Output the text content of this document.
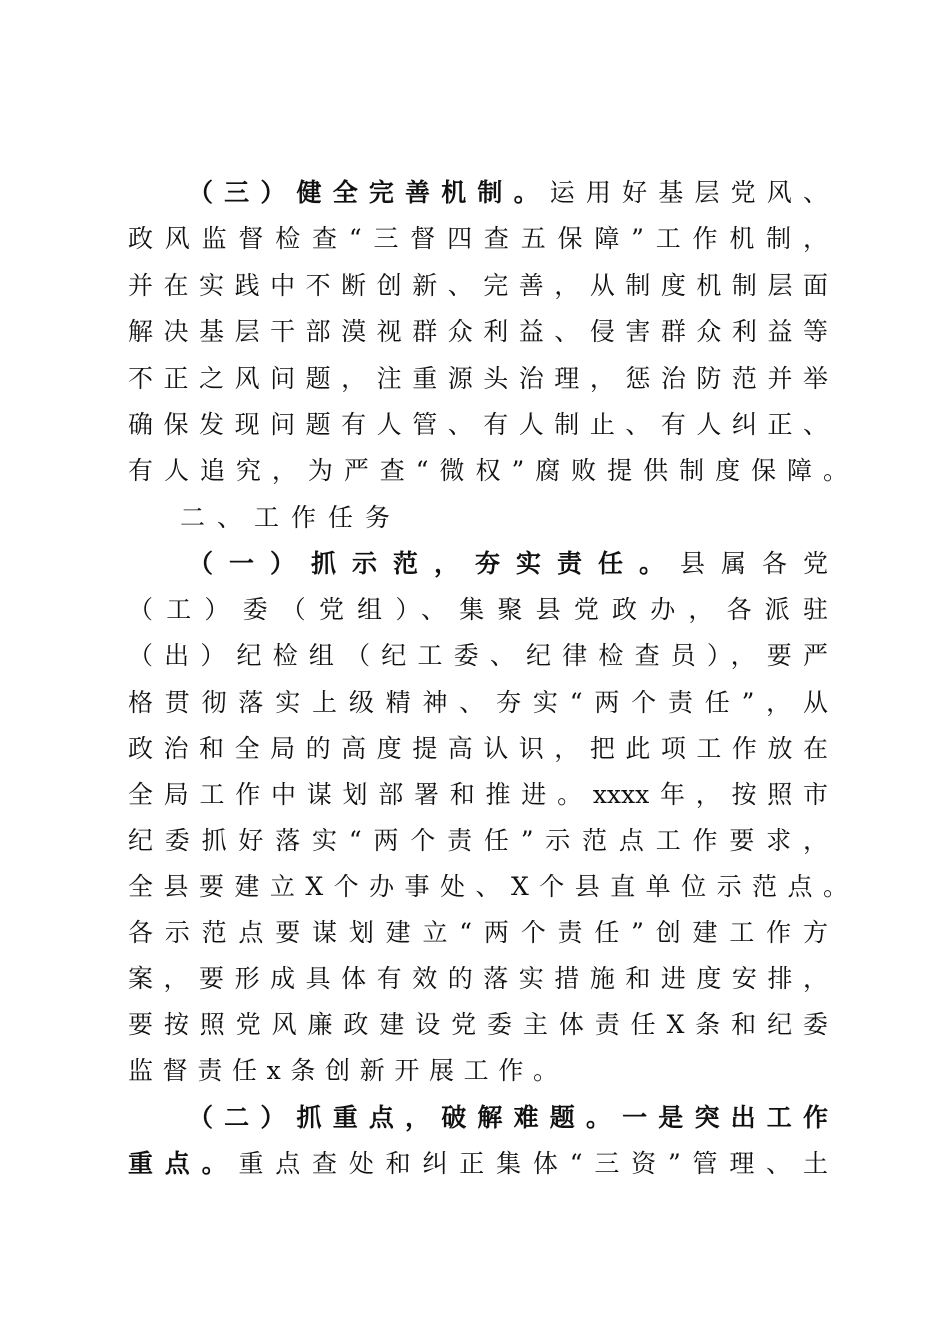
（三）健全完善机制。运用好基层党风、
政风监督检查“三督四查五保障”工作机制，
并在实践中不断创新、完善，从制度机制层面
解决基层干部漠视群众利益、侵害群众利益等
不正之风问题，注重源头治理，惩治防范并举
确保发现问题有人管、有人制止、有人纠正、
有人追究，为严查“微权”腐败提供制度保障。
二、工作任务
（一）抓示范，夯实责任。县属各党
（工）委（党组）、集聚县党政办，各派驻
（出）纪检组（纪工委、纪律检查员），要严
格贯彻落实上级精神、夯实“两个责任”，从
政治和全局的高度提高认识，把此项工作放在
全局工作中谋划部署和推进。xxxx年，按照市
纪委抓好落实“两个责任”示范点工作要求，
全县要建立X个办事处、X个县直单位示范点。
各示范点要谋划建立“两个责任”创建工作方
案，要形成具体有效的落实措施和进度安排，
要按照党风廉政建设党委主体责任X条和纪委
监督责任x条创新开展工作。
（二）抓重点，破解难题。一是突出工作
重点。重点查处和纠正集体“三资”管理、土
